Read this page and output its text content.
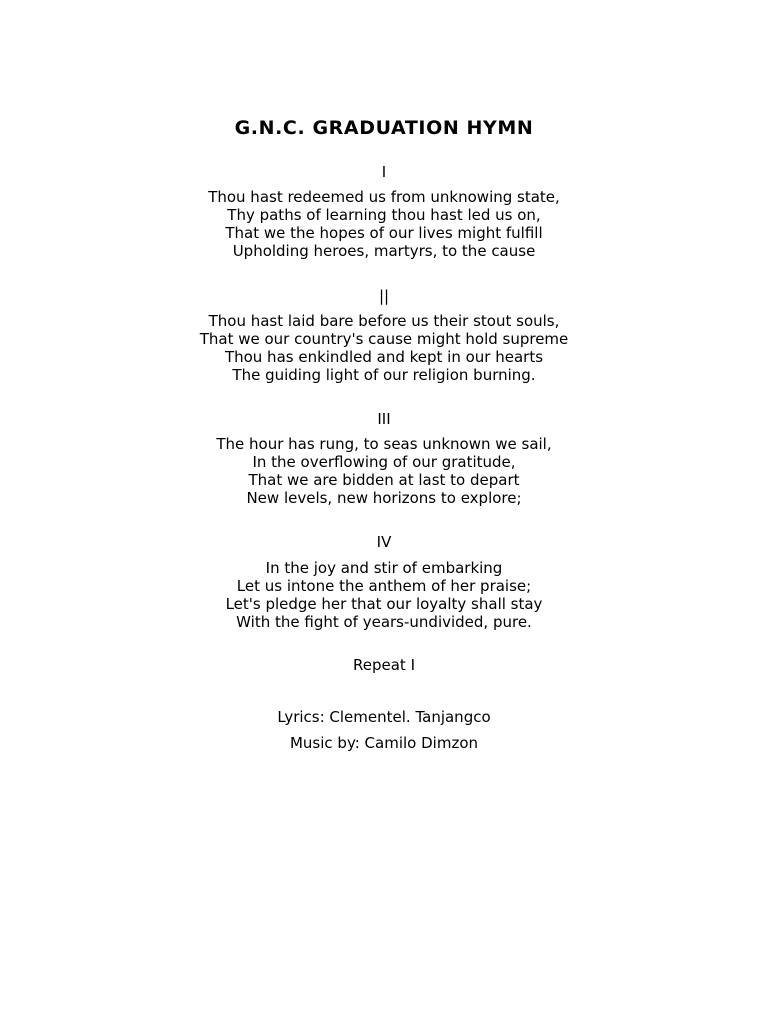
G.N.C. GRADUATION HYMN
I
Thou hast redeemed us from unknowing state,
Thy paths of learning thou hast led us on,
That we the hopes of our lives might fulfill
Upholding heroes, martyrs, to the cause
||
Thou hast laid bare before us their stout souls,
That we our country's cause might hold supreme
Thou has enkindled and kept in our hearts
The guiding light of our religion burning.
III
The hour has rung, to seas unknown we sail,
In the overflowing of our gratitude,
That we are bidden at last to depart
New levels, new horizons to explore;
IV
In the joy and stir of embarking
Let us intone the anthem of her praise;
Let's pledge her that our loyalty shall stay
With the fight of years-undivided, pure.
Repeat I
Lyrics: Clementel. Tanjangco
Music by: Camilo Dimzon
